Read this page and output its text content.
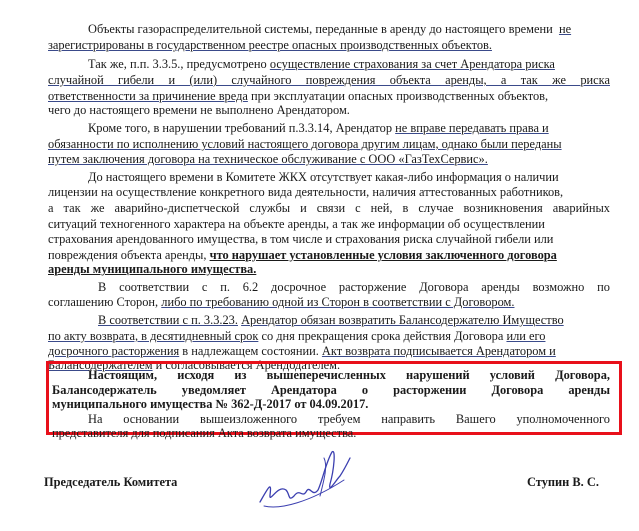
Объекты газораспределительной системы, переданные в аренду до настоящего времени не
зарегистрированы в государственном реестре опасных производственных объектов.
Так же, п.п. 3.3.5., предусмотрено осуществление страхования за счет Арендатора риска
случайной гибели и (или) случайного повреждения объекта аренды, а так же риска
ответственности за причинение вреда при эксплуатации опасных производственных объектов,
чего до настоящего времени не выполнено Арендатором.
Кроме того, в нарушении требований п.3.3.14, Арендатор не вправе передавать права и
обязанности по исполнению условий настоящего договора другим лицам, однако были переданы
путем заключения договора на техническое обслуживание с ООО «ГазТехСервис».
До настоящего времени в Комитете ЖКХ отсутствует какая-либо информация о наличии
лицензии на осуществление конкретного вида деятельности, наличия аттестованных работников,
а так же аварийно-диспетческой службы и связи с ней, в случае возникновения аварийных
ситуаций техногенного характера на объекте аренды, а так же информации об осуществлении
страхования арендованного имущества, в том числе и страхования риска случайной гибели или
повреждения объекта аренды, что нарушает установленные условия заключенного договора
аренды муниципального имущества.
В соответствии с п. 6.2 досрочное расторжение Договора аренды возможно по
соглашению Сторон, либо по требованию одной из Сторон в соответствии с Договором.
В соответствии с п. 3.3.23. Арендатор обязан возвратить Балансодержателю Имущество
по акту возврата, в десятидневный срок со дня прекращения срока действия Договора или его
досрочного расторжения в надлежащем состоянии. Акт возврата подписывается Арендатором и
Балансодержателем и согласовывается Арендодателем.
Настоящим, исходя из вышеперечисленных нарушений условий Договора,
Балансодержатель уведомляет Арендатора о расторжении Договора аренды
муниципального имущества № 362-Д-2017 от 04.09.2017.
На основании вышеизложенного требуем направить Вашего уполномоченного
представителя для подписания Акта возврата имущества.
Председатель Комитета	Ступин В. С.
